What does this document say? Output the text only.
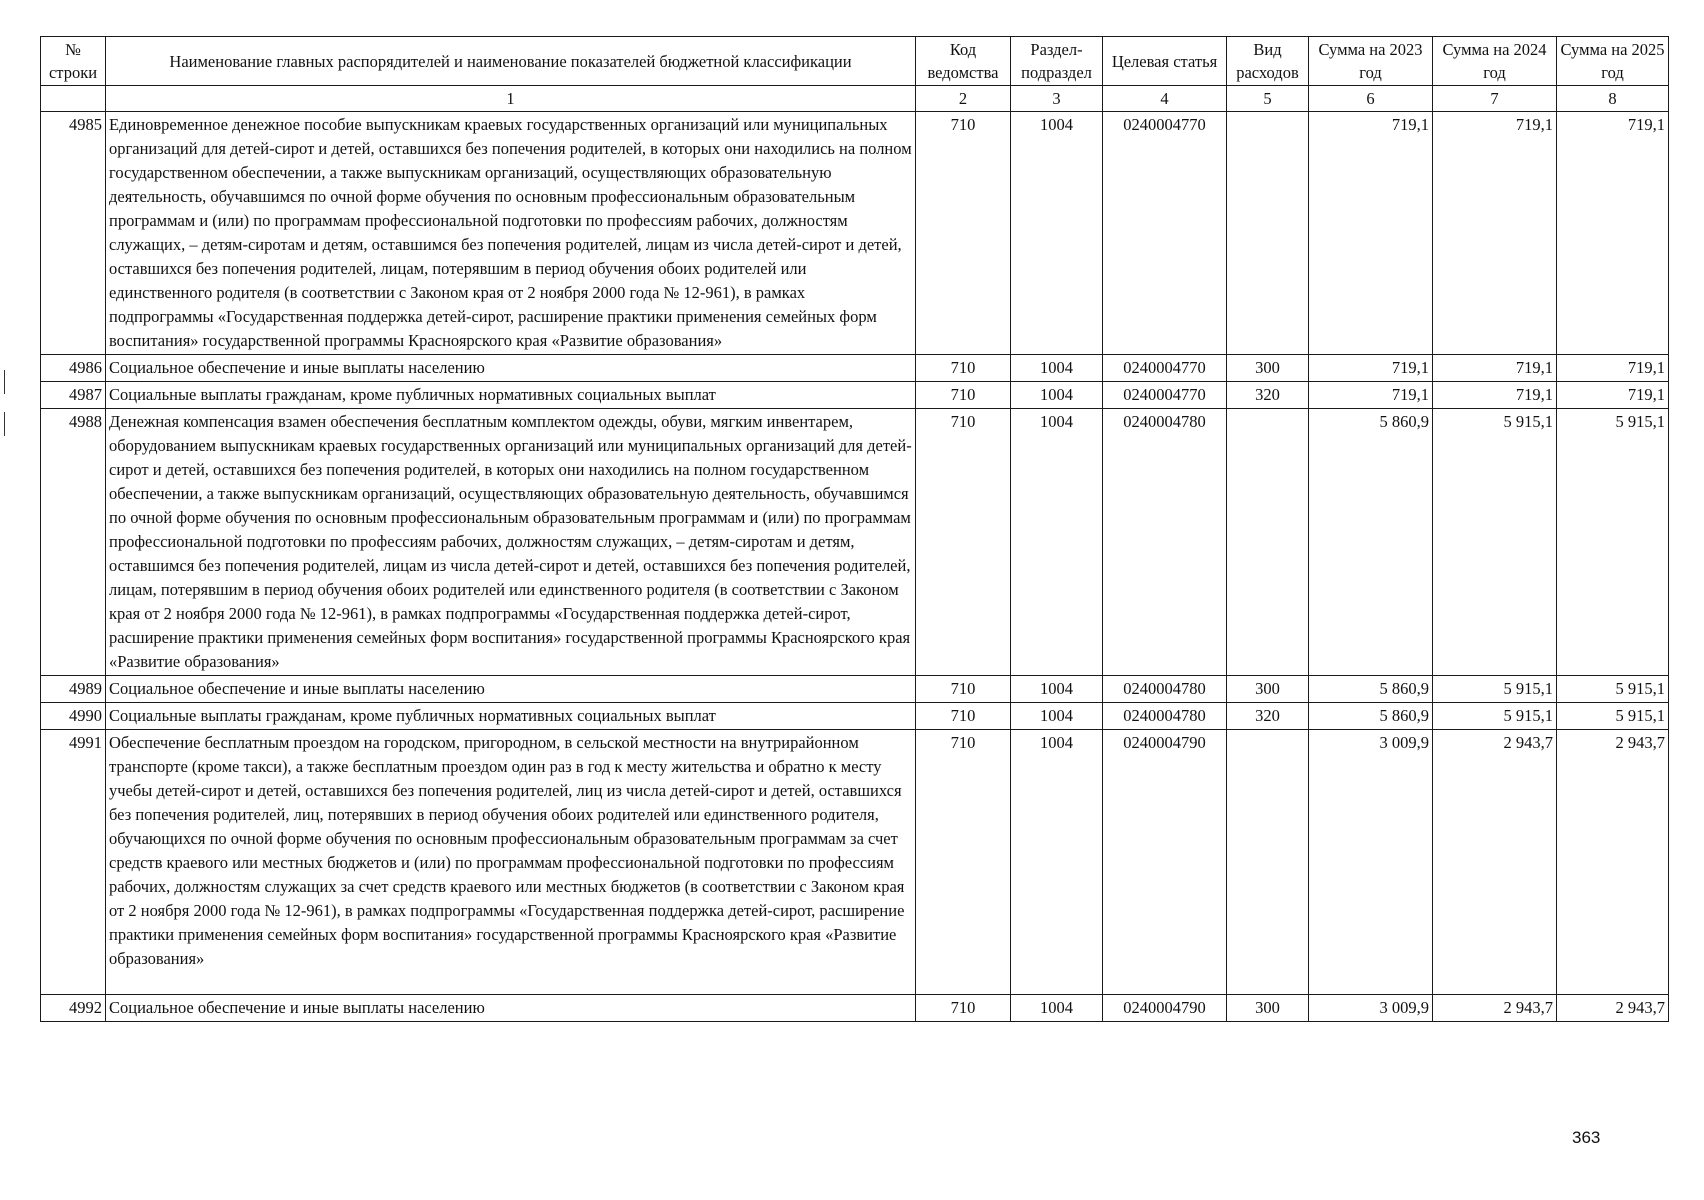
№ строки	Наименование главных распорядителей и наименование показателей бюджетной классификации	Код ведомства	Раздел-подраздел	Целевая статья	Вид расходов	Сумма на 2023 год	Сумма на 2024 год	Сумма на 2025 год
	1	2	3	4	5	6	7	8
4985	Единовременное денежное пособие выпускникам краевых государственных организаций или муниципальных организаций для детей-сирот и детей, оставшихся без попечения родителей, в которых они находились на полном государственном обеспечении, а также выпускникам организаций, осуществляющих образовательную деятельность, обучавшимся по очной форме обучения по основным профессиональным образовательным программам и (или) по программам профессиональной подготовки по профессиям рабочих, должностям служащих, – детям-сиротам и детям, оставшимся без попечения родителей, лицам из числа детей-сирот и детей, оставшихся без попечения родителей, лицам, потерявшим в период обучения обоих родителей или единственного родителя (в соответствии с Законом края от 2 ноября 2000 года № 12-961), в рамках подпрограммы «Государственная поддержка детей-сирот, расширение практики применения семейных форм воспитания» государственной программы Красноярского края «Развитие образования»	710	1004	0240004770		719,1	719,1	719,1
4986	Социальное обеспечение и иные выплаты населению	710	1004	0240004770	300	719,1	719,1	719,1
4987	Социальные выплаты гражданам, кроме публичных нормативных социальных выплат	710	1004	0240004770	320	719,1	719,1	719,1
4988	Денежная компенсация взамен обеспечения бесплатным комплектом одежды, обуви, мягким инвентарем, оборудованием выпускникам краевых государственных организаций или муниципальных организаций для детей-сирот и детей, оставшихся без попечения родителей, в которых они находились на полном государственном обеспечении, а также выпускникам организаций, осуществляющих образовательную деятельность, обучавшимся по очной форме обучения по основным профессиональным образовательным программам и (или) по программам профессиональной подготовки по профессиям рабочих, должностям служащих, – детям-сиротам и детям, оставшимся без попечения родителей, лицам из числа детей-сирот и детей, оставшихся без попечения родителей, лицам, потерявшим в период обучения обоих родителей или единственного родителя (в соответствии с Законом края от 2 ноября 2000 года № 12-961), в рамках подпрограммы «Государственная поддержка детей-сирот, расширение практики применения семейных форм воспитания» государственной программы Красноярского края «Развитие образования»	710	1004	0240004780		5 860,9	5 915,1	5 915,1
4989	Социальное обеспечение и иные выплаты населению	710	1004	0240004780	300	5 860,9	5 915,1	5 915,1
4990	Социальные выплаты гражданам, кроме публичных нормативных социальных выплат	710	1004	0240004780	320	5 860,9	5 915,1	5 915,1
4991	Обеспечение бесплатным проездом на городском, пригородном, в сельской местности на внутрирайонном транспорте (кроме такси), а также бесплатным проездом один раз в год к месту жительства и обратно к месту учебы детей-сирот и детей, оставшихся без попечения родителей, лиц из числа детей-сирот и детей, оставшихся без попечения родителей, лиц, потерявших в период обучения обоих родителей или единственного родителя, обучающихся по очной форме обучения по основным профессиональным образовательным программам за счет средств краевого или местных бюджетов и (или) по программам профессиональной подготовки по профессиям рабочих, должностям служащих за счет средств краевого или местных бюджетов (в соответствии с Законом края от 2 ноября 2000 года № 12-961), в рамках подпрограммы «Государственная поддержка детей-сирот, расширение практики применения семейных форм воспитания» государственной программы Красноярского края «Развитие образования»	710	1004	0240004790		3 009,9	2 943,7	2 943,7
4992	Социальное обеспечение и иные выплаты населению	710	1004	0240004790	300	3 009,9	2 943,7	2 943,7
363
